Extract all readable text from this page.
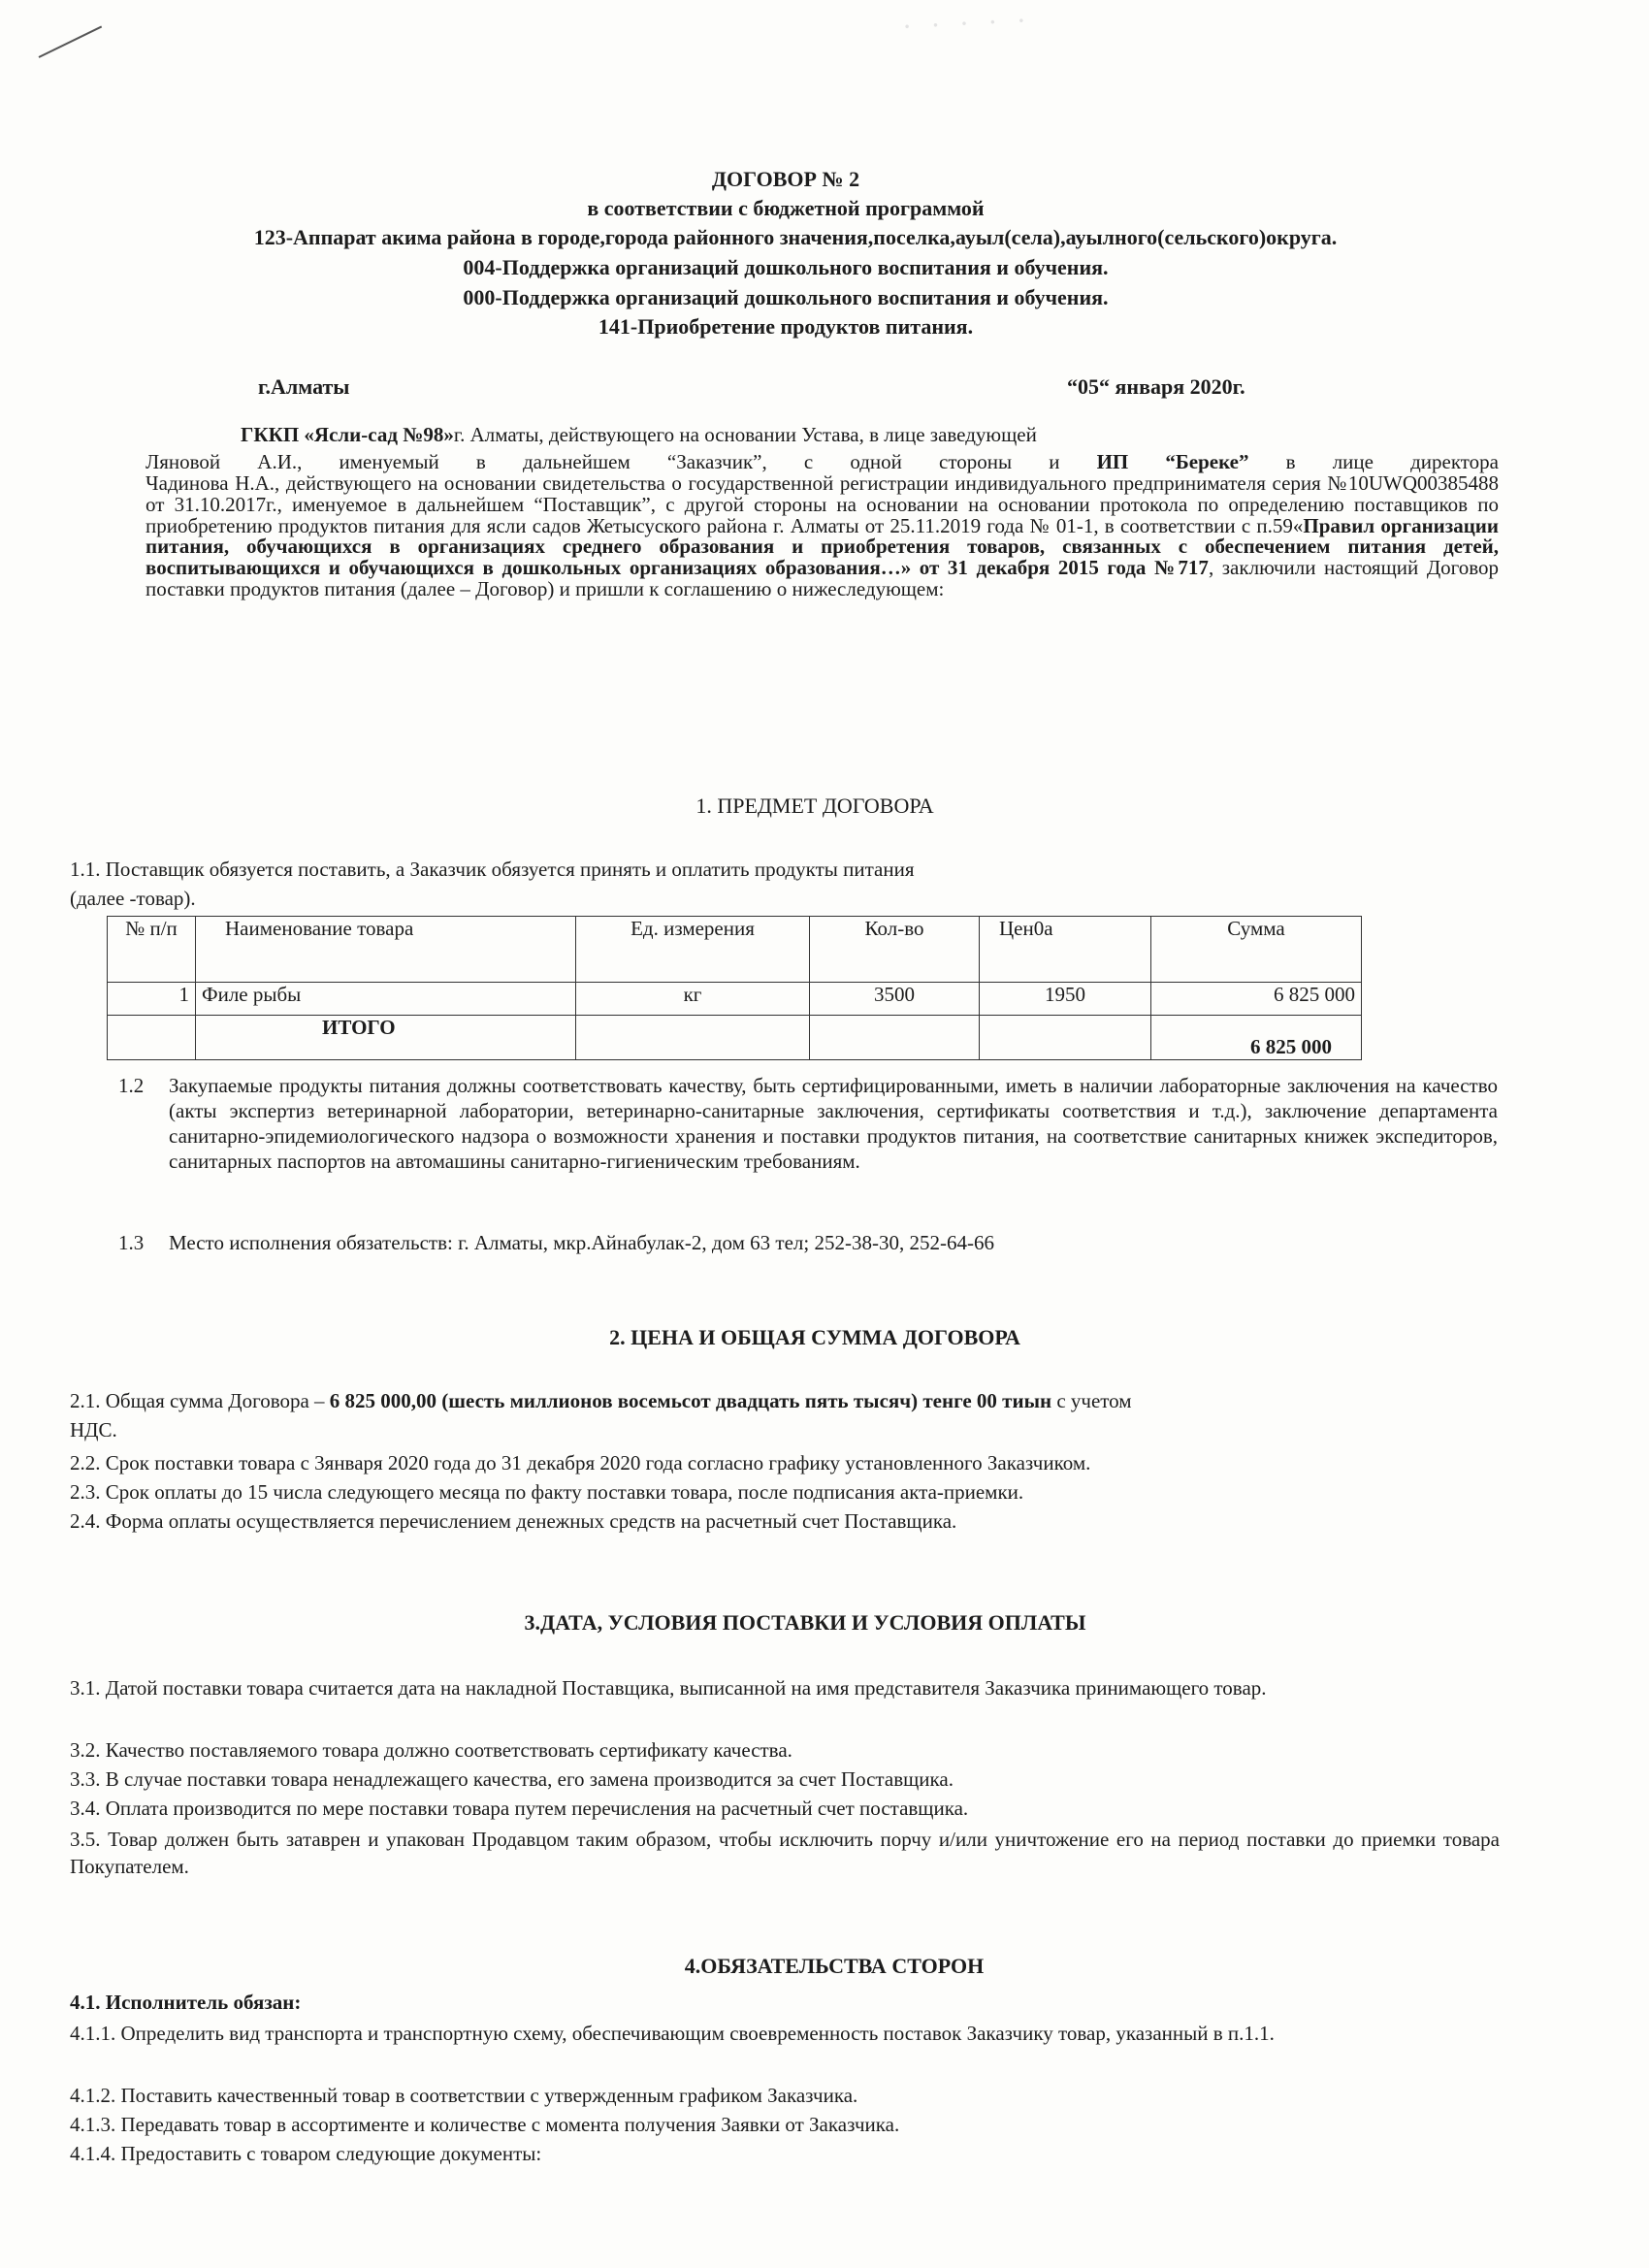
· · · · ·
ДОГОВОР № 2
в соответствии с бюджетной программой
123-Аппарат акима района в городе,города районного значения,поселка,ауыл(села),ауылного(сельского)округа.
004-Поддержка организаций дошкольного воспитания и обучения.
000-Поддержка организаций дошкольного воспитания и обучения.
141-Приобретение продуктов питания.
г.Алматы	“05“ января 2020г.
ГККП «Ясли-сад №98»г. Алматы, действующего на основании Устава, в лице заведующей
Ляновой А.И., именуемый в дальнейшем “Заказчик”, с одной стороны и ИП “Береке” в лице директора
Чадинова Н.А., действующего на основании свидетельства о государственной регистрации индивидуального предпринимателя серия №10UWQ00385488 от 31.10.2017г., именуемое в дальнейшем “Поставщик”, с другой стороны на основании на основании протокола по определению поставщиков по приобретению продуктов питания для ясли садов Жетысуского района г. Алматы от 25.11.2019 года № 01-1, в соответствии с п.59«Правил организации питания, обучающихся в организациях среднего образования и приобретения товаров, связанных с обеспечением питания детей, воспитывающихся и обучающихся в дошкольных организациях образования…» от 31 декабря 2015 года №717, заключили настоящий Договор поставки продуктов питания (далее – Договор) и пришли к соглашению о нижеследующем:
1. ПРЕДМЕТ ДОГОВОРА
1.1. Поставщик обязуется поставить, а Заказчик обязуется принять и оплатить продукты питания
(далее -товар).
№ п/п	Наименование товара	Ед. измерения	Кол-во	Цен0а	Сумма
1	Филе рыбы	кг	3500	1950	6 825 000
	ИТОГО				6 825 000
1.2 Закупаемые продукты питания должны соответствовать качеству, быть сертифицированными, иметь в наличии лабораторные заключения на качество (акты экспертиз ветеринарной лаборатории, ветеринарно-санитарные заключения, сертификаты соответствия и т.д.), заключение департамента санитарно-эпидемиологического надзора о возможности хранения и поставки продуктов питания, на соответствие санитарных книжек экспедиторов, санитарных паспортов на автомашины санитарно-гигиеническим требованиям.
1.3 Место исполнения обязательств: г. Алматы, мкр.Айнабулак-2, дом 63 тел; 252-38-30, 252-64-66
2. ЦЕНА И ОБЩАЯ СУММА ДОГОВОРА
2.1. Общая сумма Договора – 6 825 000,00 (шесть миллионов восемьсот двадцать пять тысяч) тенге 00 тиын с учетом
НДС.
2.2. Срок поставки товара с 3января 2020 года до 31 декабря 2020 года согласно графику установленного Заказчиком.
2.3. Срок оплаты до 15 числа следующего месяца по факту поставки товара, после подписания акта-приемки.
2.4. Форма оплаты осуществляется перечислением денежных средств на расчетный счет Поставщика.
3.ДАТА, УСЛОВИЯ ПОСТАВКИ И УСЛОВИЯ ОПЛАТЫ
3.1. Датой поставки товара считается дата на накладной Поставщика, выписанной на имя представителя Заказчика принимающего товар.
3.2. Качество поставляемого товара должно соответствовать сертификату качества.
3.3. В случае поставки товара ненадлежащего качества, его замена производится за счет Поставщика.
3.4. Оплата производится по мере поставки товара путем перечисления на расчетный счет поставщика.
3.5. Товар должен быть затаврен и упакован Продавцом таким образом, чтобы исключить порчу и/или уничтожение его на период поставки до приемки товара Покупателем.
4.ОБЯЗАТЕЛЬСТВА СТОРОН
4.1. Исполнитель обязан:
4.1.1. Определить вид транспорта и транспортную схему, обеспечивающим своевременность поставок Заказчику товар, указанный в п.1.1.
4.1.2. Поставить качественный товар в соответствии с утвержденным графиком Заказчика.
4.1.3. Передавать товар в ассортименте и количестве с момента получения Заявки от Заказчика.
4.1.4. Предоставить с товаром следующие документы:
